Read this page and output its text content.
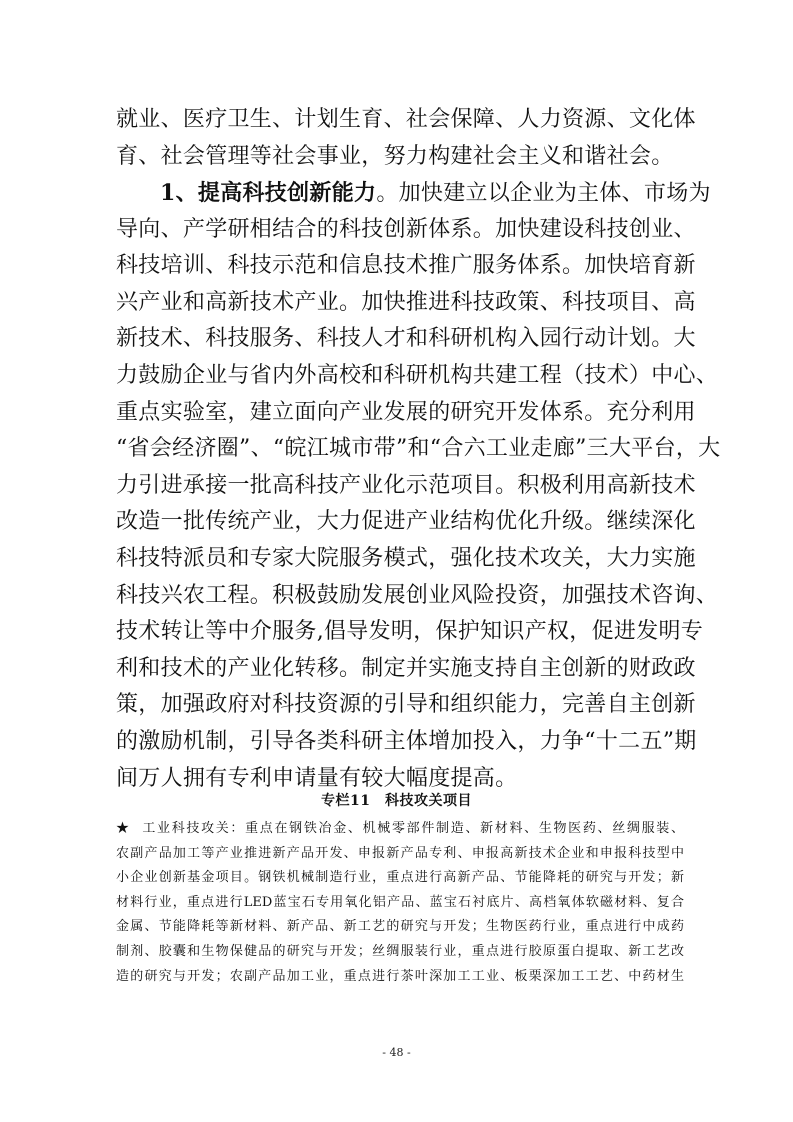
就业、医疗卫生、计划生育、社会保障、人力资源、文化体
育、社会管理等社会事业，努力构建社会主义和谐社会。
1、提高科技创新能力。加快建立以企业为主体、市场为
导向、产学研相结合的科技创新体系。加快建设科技创业、
科技培训、科技示范和信息技术推广服务体系。加快培育新
兴产业和高新技术产业。加快推进科技政策、科技项目、高
新技术、科技服务、科技人才和科研机构入园行动计划。大
力鼓励企业与省内外高校和科研机构共建工程（技术）中心、
重点实验室，建立面向产业发展的研究开发体系。充分利用
“省会经济圈”、“皖江城市带”和“合六工业走廊”三大平台，大
力引进承接一批高科技产业化示范项目。积极利用高新技术
改造一批传统产业，大力促进产业结构优化升级。继续深化
科技特派员和专家大院服务模式，强化技术攻关，大力实施
科技兴农工程。积极鼓励发展创业风险投资，加强技术咨询、
技术转让等中介服务,倡导发明，保护知识产权，促进发明专
利和技术的产业化转移。制定并实施支持自主创新的财政政
策，加强政府对科技资源的引导和组织能力，完善自主创新
的激励机制，引导各类科研主体增加投入，力争“十二五”期
间万人拥有专利申请量有较大幅度提高。
专栏11　科技攻关项目
★ 工业科技攻关：重点在钢铁冶金、机械零部件制造、新材料、生物医药、丝绸服装、
农副产品加工等产业推进新产品开发、申报新产品专利、申报高新技术企业和申报科技型中
小企业创新基金项目。钢铁机械制造行业，重点进行高新产品、节能降耗的研究与开发；新
材料行业，重点进行LED蓝宝石专用氧化铝产品、蓝宝石衬底片、高档氧体软磁材料、复合
金属、节能降耗等新材料、新产品、新工艺的研究与开发；生物医药行业，重点进行中成药
制剂、胶囊和生物保健品的研究与开发；丝绸服装行业，重点进行胶原蛋白提取、新工艺改
造的研究与开发；农副产品加工业，重点进行茶叶深加工工业、板栗深加工工艺、中药材生
- 48 -
